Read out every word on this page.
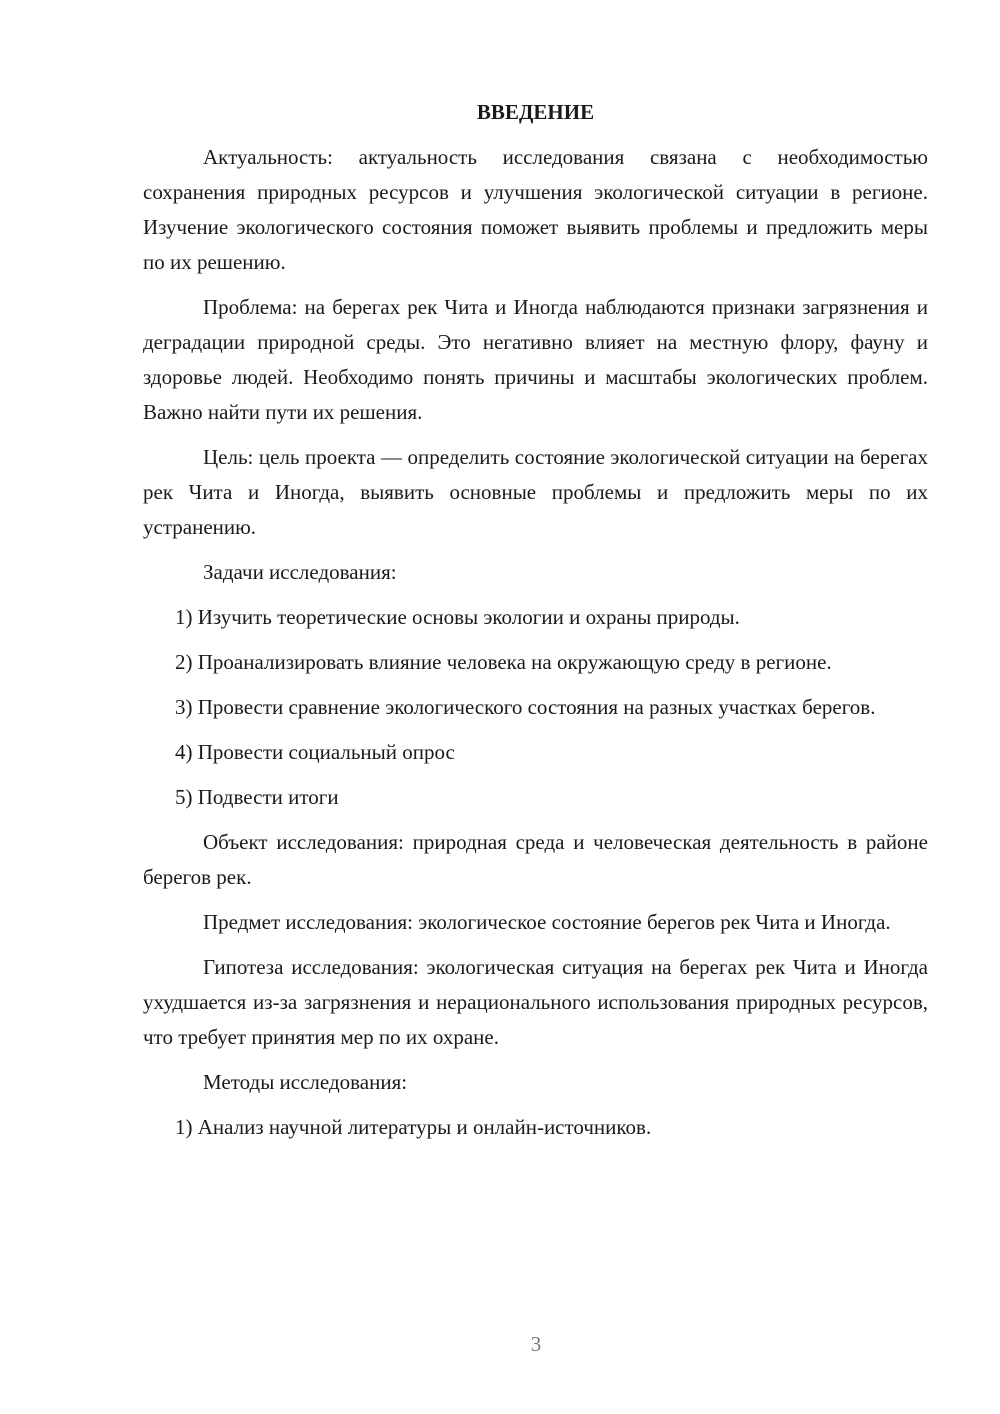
ВВЕДЕНИЕ

Актуальность: актуальность исследования связана с необходимостью сохранения природных ресурсов и улучшения экологической ситуации в регионе. Изучение экологического состояния поможет выявить проблемы и предложить меры по их решению.

Проблема: на берегах рек Чита и Иногда наблюдаются признаки загрязнения и деградации природной среды. Это негативно влияет на местную флору, фауну и здоровье людей. Необходимо понять причины и масштабы экологических проблем. Важно найти пути их решения.

Цель: цель проекта — определить состояние экологической ситуации на берегах рек Чита и Иногда, выявить основные проблемы и предложить меры по их устранению.

Задачи исследования:

1) Изучить теоретические основы экологии и охраны природы.

2) Проанализировать влияние человека на окружающую среду в регионе.

3) Провести сравнение экологического состояния на разных участках берегов.

4) Провести социальный опрос

5) Подвести итоги

Объект исследования: природная среда и человеческая деятельность в районе берегов рек.

Предмет исследования: экологическое состояние берегов рек Чита и Иногда.

Гипотеза исследования: экологическая ситуация на берегах рек Чита и Иногда ухудшается из-за загрязнения и нерационального использования природных ресурсов, что требует принятия мер по их охране.

Методы исследования:

1) Анализ научной литературы и онлайн-источников.

3
